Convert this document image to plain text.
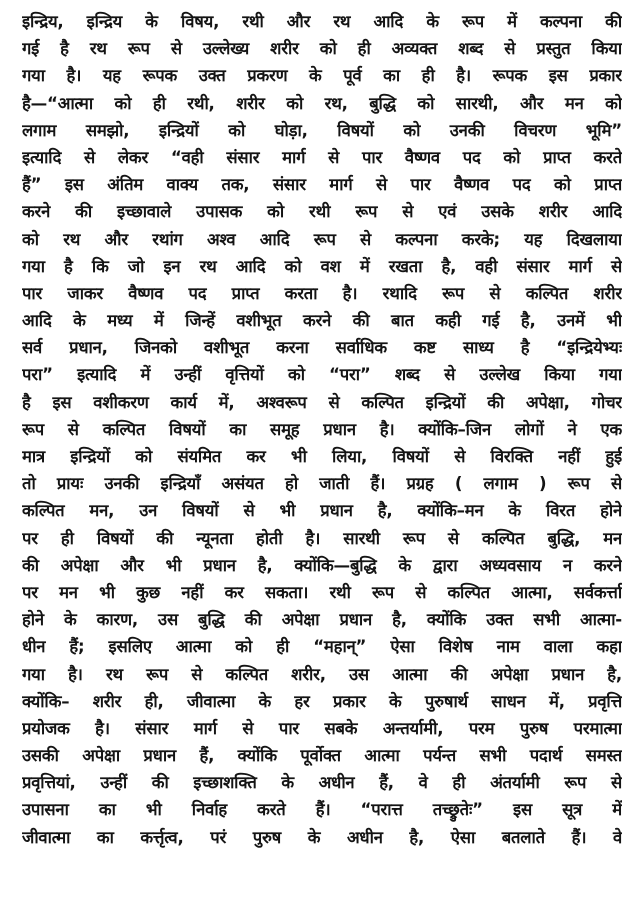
इन्द्रिय, इन्द्रिय के विषय, रथी और रथ आदि के रूप में कल्पना की
गई है रथ रूप से उल्लेख्य शरीर को ही अव्यक्त शब्द से प्रस्तुत किया
गया है। यह रूपक उक्त प्रकरण के पूर्व का ही है। रूपक इस प्रकार
है—“आत्मा को ही रथी, शरीर को रथ, बुद्धि को सारथी, और मन को
लगाम समझो, इन्द्रियों को घोड़ा, विषयों को उनकी विचरण भूमि”
इत्यादि से लेकर “वही संसार मार्ग से पार वैष्णव पद को प्राप्त करते
हैं” इस अंतिम वाक्य तक, संसार मार्ग से पार वैष्णव पद को प्राप्त
करने की इच्छावाले उपासक को रथी रूप से एवं उसके शरीर आदि
को रथ और रथांग अश्व आदि रूप से कल्पना करके; यह दिखलाया
गया है कि जो इन रथ आदि को वश में रखता है, वही संसार मार्ग से
पार जाकर वैष्णव पद प्राप्त करता है। रथादि रूप से कल्पित शरीर
आदि के मध्य में जिन्हें वशीभूत करने की बात कही गई है, उनमें भी
सर्व प्रधान, जिनको वशीभूत करना सर्वाधिक कष्ट साध्य है “इन्द्रियेभ्यः
परा” इत्यादि में उन्हीं वृत्तियों को “परा” शब्द से उल्लेख किया गया
है इस वशीकरण कार्य में, अश्वरूप से कल्पित इन्द्रियों की अपेक्षा, गोचर
रूप से कल्पित विषयों का समूह प्रधान है। क्योंकि–जिन लोगों ने एक
मात्र इन्द्रियों को संयमित कर भी लिया, विषयों से विरक्ति नहीं हुई
तो प्रायः उनकी इन्द्रियाँ असंयत हो जाती हैं। प्रग्रह ( लगाम ) रूप से
कल्पित मन, उन विषयों से भी प्रधान है, क्योंकि–मन के विरत होने
पर ही विषयों की न्यूनता होती है। सारथी रूप से कल्पित बुद्धि, मन
की अपेक्षा और भी प्रधान है, क्योंकि—बुद्धि के द्वारा अध्यवसाय न करने
पर मन भी कुछ नहीं कर सकता। रथी रूप से कल्पित आत्मा, सर्वकर्त्ता
होने के कारण, उस बुद्धि की अपेक्षा प्रधान है, क्योंकि उक्त सभी आत्मा-
धीन हैं; इसलिए आत्मा को ही “महान्” ऐसा विशेष नाम वाला कहा
गया है। रथ रूप से कल्पित शरीर, उस आत्मा की अपेक्षा प्रधान है,
क्योंकि– शरीर ही, जीवात्मा के हर प्रकार के पुरुषार्थ साधन में, प्रवृत्ति
प्रयोजक है। संसार मार्ग से पार सबके अन्तर्यामी, परम पुरुष परमात्मा
उसकी अपेक्षा प्रधान हैं, क्योंकि पूर्वोक्त आत्मा पर्यन्त सभी पदार्थ समस्त
प्रवृत्तियां, उन्हीं की इच्छाशक्ति के अधीन हैं, वे ही अंतर्यामी रूप से
उपासना का भी निर्वाह करते हैं। “परात्त तच्छ्रुतेः” इस सूत्र में
जीवात्मा का कर्त्तृत्व, परं पुरुष के अधीन है, ऐसा बतलाते हैं। वे
